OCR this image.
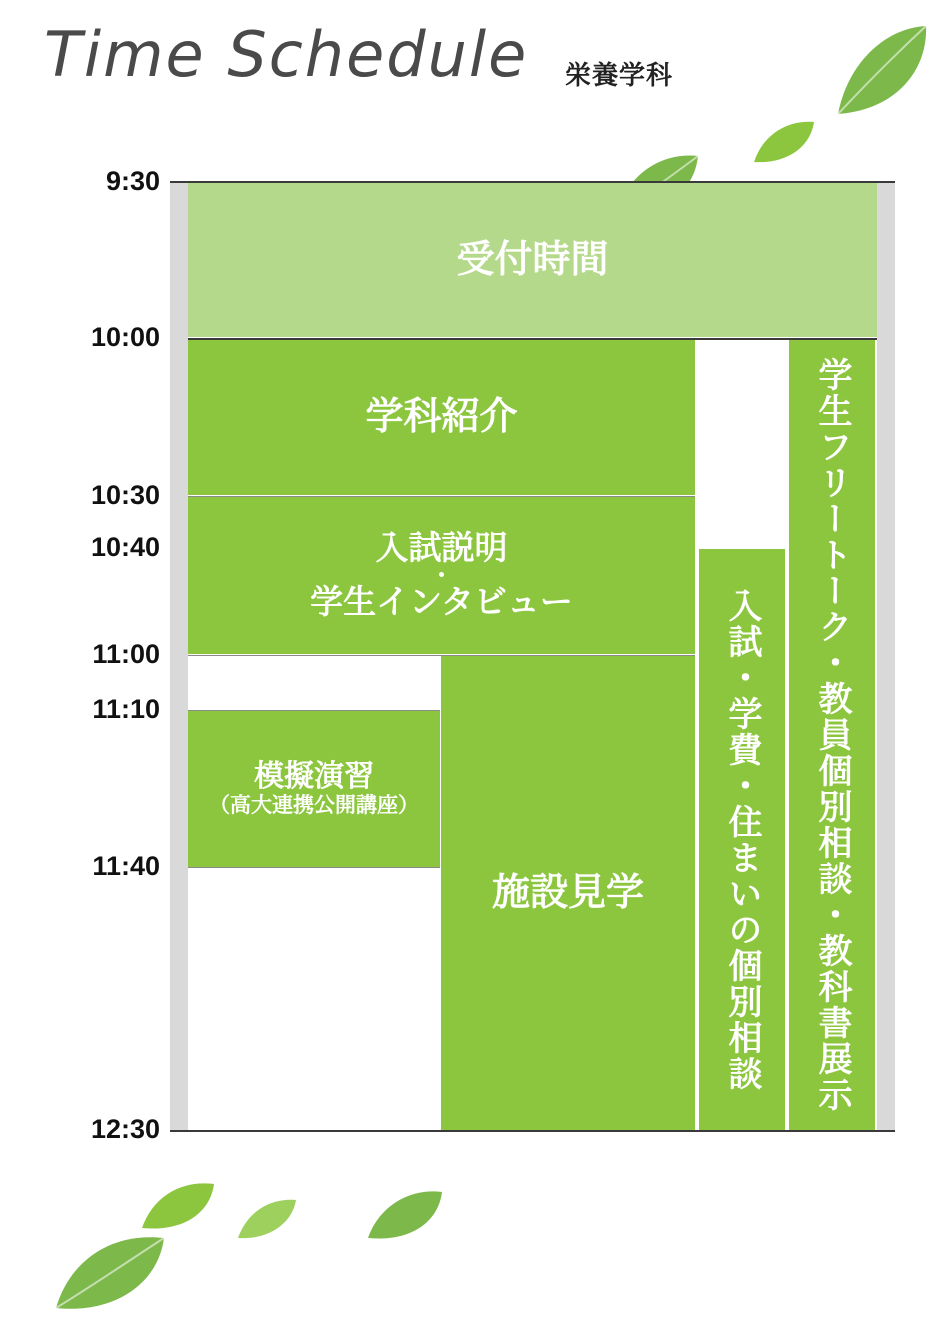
Time Schedule 栄養学科
9:30
10:00
10:30
10:40
11:00
11:10
11:40
12:30
受付時間
学科紹介
入試説明
・
学生インタビュー
模擬演習
（高大連携公開講座）
施設見学 入試・学費・住まいの個別相談 学生フリートーク・教員個別相談・教科書展示
